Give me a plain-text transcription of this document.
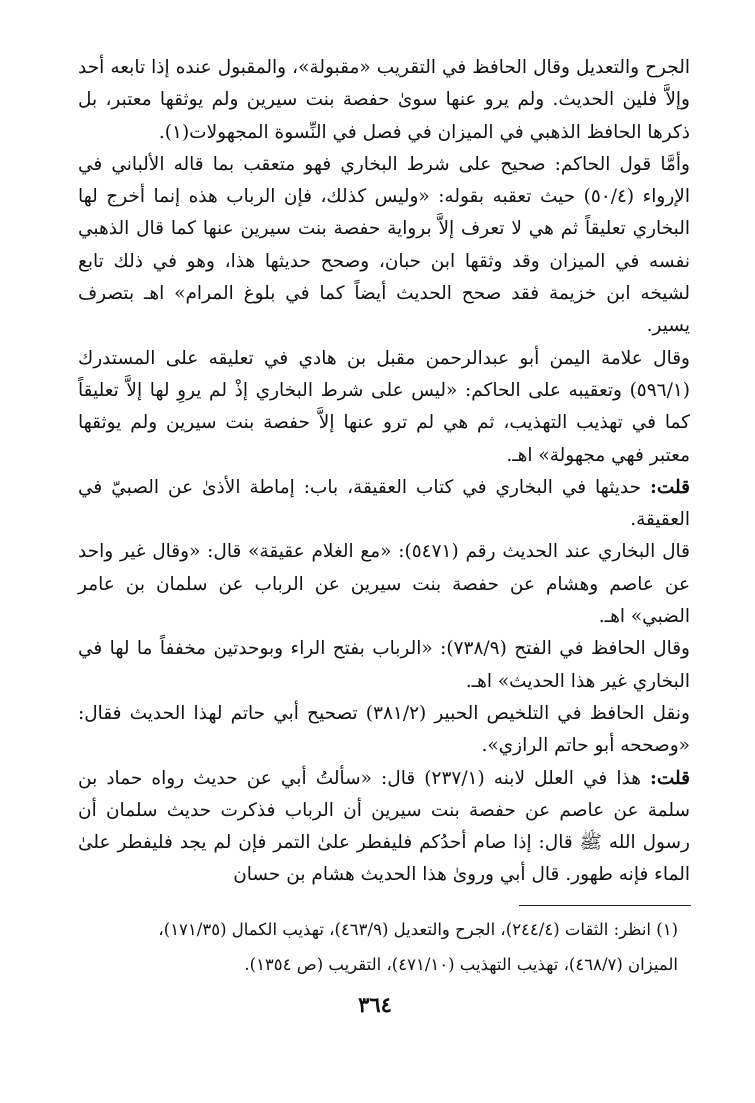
الجرح والتعديل وقال الحافظ في التقريب «مقبولة»، والمقبول عنده إذا تابعه أحد وإلاَّ فلين الحديث. ولم يرو عنها سوىٰ حفصة بنت سيرين ولم يوثقها معتبر، بل ذكرها الحافظ الذهبي في الميزان في فصل في النِّسوة المجهولات(١).

وأمَّا قول الحاكم: صحيح على شرط البخاري فهو متعقب بما قاله الألباني في الإرواء (٥٠/٤) حيث تعقبه بقوله: «وليس كذلك، فإن الرباب هذه إنما أخرج لها البخاري تعليقاً ثم هي لا تعرف إلاَّ برواية حفصة بنت سيرين عنها كما قال الذهبي نفسه في الميزان وقد وثقها ابن حبان، وصحح حديثها هذا، وهو في ذلك تابع لشيخه ابن خزيمة فقد صحح الحديث أيضاً كما في بلوغ المرام» اهـ بتصرف يسير.

وقال علامة اليمن أبو عبدالرحمن مقبل بن هادي في تعليقه على المستدرك (٥٩٦/١) وتعقيبه على الحاكم: «ليس على شرط البخاري إذْ لم يروِ لها إلاَّ تعليقاً كما في تهذيب التهذيب، ثم هي لم ترو عنها إلاَّ حفصة بنت سيرين ولم يوثقها معتبر فهي مجهولة» اهـ.

قلت: حديثها في البخاري في كتاب العقيقة، باب: إماطة الأذىٰ عن الصبيّ في العقيقة.

قال البخاري عند الحديث رقم (٥٤٧١): «مع الغلام عقيقة» قال: «وقال غير واحد عن عاصم وهشام عن حفصة بنت سيرين عن الرباب عن سلمان بن عامر الضبي» اهـ.

وقال الحافظ في الفتح (٧٣٨/٩): «الرباب بفتح الراء وبوحدتين مخففاً ما لها في البخاري غير هذا الحديث» اهـ.

ونقل الحافظ في التلخيص الحبير (٣٨١/٢) تصحيح أبي حاتم لهذا الحديث فقال: «وصححه أبو حاتم الرازي».

قلت: هذا في العلل لابنه (٢٣٧/١) قال: «سألتُ أبي عن حديث رواه حماد بن سلمة عن عاصم عن حفصة بنت سيرين أن الرباب فذكرت حديث سلمان أن رسول الله ﷺ قال: إذا صام أحدُكم فليفطر علىٰ التمر فإن لم يجد فليفطر علىٰ الماء فإنه طهور. قال أبي وروىٰ هذا الحديث هشام بن حسان

(١) انظر: الثقات (٢٤٤/٤)، الجرح والتعديل (٤٦٣/٩)، تهذيب الكمال (١٧١/٣٥)،

الميزان (٤٦٨/٧)، تهذيب التهذيب (٤٧١/١٠)، التقريب (ص ١٣٥٤).

٣٦٤
